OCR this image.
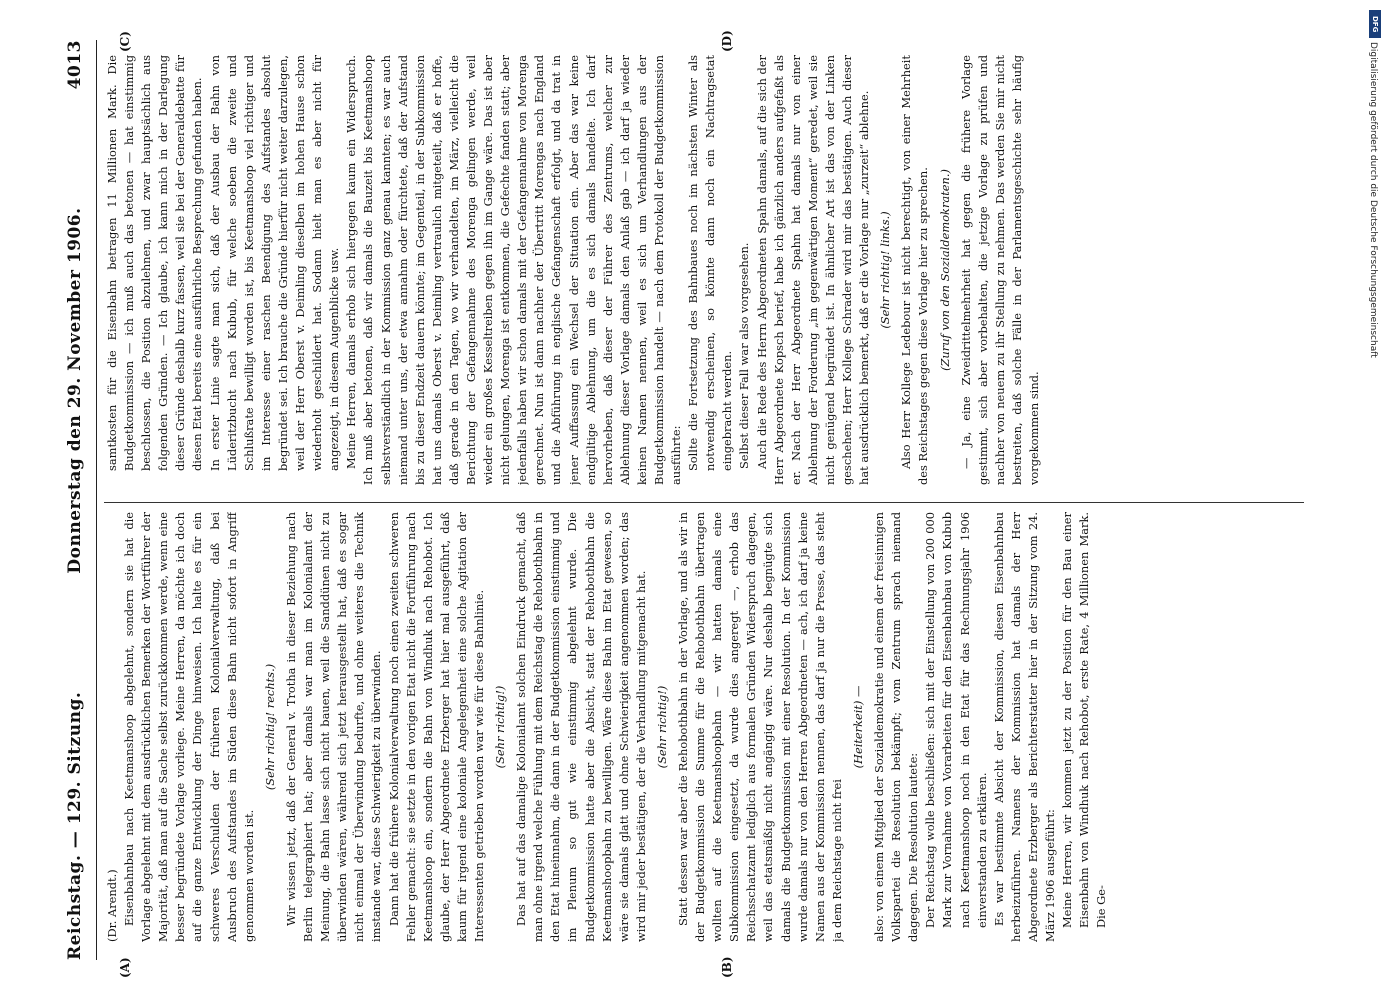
Reichstag. — 129. Sitzung.
Donnerstag den 29. November 1906.
4013

(Dr. Arendt.) Eisenbahnbau nach Keetmanshoop abgelehnt, sondern sie hat die Vorlage abgelehnt mit dem ausdrücklichen Bemerken der Wortführer der Majorität, daß man auf die Sache selbst zurückkommen werde, wenn eine besser begründete Vorlage vorliege. Meine Herren, da möchte ich doch auf die ganze Entwicklung der Dinge hinweisen. Ich halte es für ein schweres Verschulden der früheren Kolonialverwaltung, daß bei Ausbruch des Aufstandes im Süden diese Bahn nicht sofort in Angriff genommen worden ist.

(Sehr richtig! rechts.) Wir wissen jetzt, daß der General v. Trotha in dieser Beziehung nach Berlin telegraphiert hat; aber damals war man im Kolonialamt der Meinung, die Bahn lasse sich nicht bauen, weil die Sanddünen nicht zu überwinden wären, während sich jetzt herausgestellt hat, daß es sogar nicht einmal der Überwindung bedurfte, und ohne weiteres die Technik imstande war, diese Schwierigkeit zu überwinden. Dann hat die frühere Kolonialverwaltung noch einen zweiten schweren Fehler gemacht: sie setzte in den vorigen Etat nicht die Fortführung nach Keetmanshoop ein, sondern die Bahn von Windhuk nach Rehobot. Ich glaube, der Herr Abgeordnete Erzberger hat hier mal ausgeführt, daß kaum für irgend eine koloniale Angelegenheit eine solche Agitation der Interessenten getrieben worden war wie für diese Bahnlinie. (Sehr richtig!) Das hat auf das damalige Kolonialamt solchen Eindruck gemacht, daß man ohne irgend welche Fühlung mit dem Reichstag die Rehobothbahn in den Etat hineinnahm, die dann in der Budgetkommission einstimmig und im Plenum so gut wie einstimmig abgelehnt wurde. Die Budgetkommission hatte aber die Absicht, statt der Rehobothbahn die Keetmanshoopbahn zu bewilligen. Wäre diese Bahn im Etat gewesen, so wäre sie damals glatt und ohne Schwierigkeit angenommen worden; das wird mir jeder bestätigen, der die Verhandlung mitgemacht hat. (Sehr richtig!) Statt dessen war aber die Rehobothbahn in der Vorlage, und als wir in der Budgetkommission die Summe für die Rehobothbahn übertragen wollten auf die Keetmanshoopbahn — wir hatten damals eine Subkommission eingesetzt, da wurde dies angeregt —, erhob das Reichsschatzamt lediglich aus formalen Gründen Widerspruch dagegen, weil das etatsmäßig nicht angängig wäre. Nur deshalb begnügte sich damals die Budgetkommission mit einer Resolution. In der Kommission wurde damals nur von den Herren Abgeordneten — ach, ich darf ja keine Namen aus der Kommission nennen, das darf ja nur die Presse, das steht ja dem Reichstage nicht frei

(Heiterkeit) — also: von einem Mitglied der Sozialdemokratie und einem der freisinnigen Volkspartei die Resolution bekämpft; vom Zentrum sprach niemand dagegen. Die Resolution lautete: Der Reichstag wolle beschließen: sich mit der Einstellung von 200 000 Mark zur Vornahme von Vorarbeiten für den Eisenbahnbau von Kubub nach Keetmanshoop noch in den Etat für das Rechnungsjahr 1906 einverstanden zu erklären. Es war bestimmte Absicht der Kommission, diesen Eisenbahnbau herbeizuführen. Namens der Kommission hat damals der Herr Abgeordnete Erzberger als Berichterstatter hier in der Sitzung vom 24. März 1906 ausgeführt: Meine Herren, wir kommen jetzt zu der Position für den Bau einer Eisenbahn von Windhuk nach Rehobot, erste Rate, 4 Millionen Mark. Die Ge-

samtkosten für die Eisenbahn betragen 11 Millionen Mark. Die Budgetkommission — ich muß auch das betonen — hat einstimmig beschlossen, die Position abzulehnen, und zwar hauptsächlich aus folgenden Gründen. — Ich glaube, ich kann mich in der Darlegung dieser Gründe deshalb kurz fassen, weil sie bei der Generaldebatte für diesen Etat bereits eine ausführliche Besprechung gefunden haben. In erster Linie sagte man sich, daß der Ausbau der Bahn von Lüderitzbucht nach Kubub, für welche soeben die zweite und Schlußrate bewilligt worden ist, bis Keetmanshoop viel richtiger und im Interesse einer raschen Beendigung des Aufstandes absolut begründet sei. Ich brauche die Gründe hierfür nicht weiter darzulegen, weil der Herr Oberst v. Deimling dieselben im hohen Hause schon wiederholt geschildert hat. Sodann hielt man es aber nicht für angezeigt, in diesem Augenblicke usw. Meine Herren, damals erhob sich hiergegen kaum ein Widerspruch. Ich muß aber betonen, daß wir damals die Bauzeit bis Keetmanshoop selbstverständlich in der Kommission ganz genau kannten; es war auch niemand unter uns, der etwa annahm oder fürchtete, daß der Aufstand bis zu dieser Endzeit dauern könnte; im Gegenteil, in der Subkommission hat uns damals Oberst v. Deimling vertraulich mitgeteilt, daß er hoffe, daß gerade in den Tagen, wo wir verhandelten, im März, vielleicht die Berichtung der Gefangennahme des Morenga gelingen werde, weil wieder ein großes Kesseltreiben gegen ihn im Gange wäre. Das ist aber nicht gelungen, Morenga ist entkommen, die Gefechte fanden statt; aber jedenfalls haben wir schon damals mit der Gefangennahme von Morenga gerechnet. Nun ist dann nachher der Übertritt Morengas nach England und die Abführung in englische Gefangenschaft erfolgt, und da trat in jener Auffassung ein Wechsel der Situation ein. Aber das war keine endgültige Ablehnung, um die es sich damals handelte. Ich darf hervorheben, daß dieser der Führer des Zentrums, welcher zur Ablehnung dieser Vorlage damals den Anlaß gab — ich darf ja wieder keinen Namen nennen, weil es sich um Verhandlungen aus der Budgetkommission handelt — nach dem Protokoll der Budgetkommission ausführte: Sollte die Fortsetzung des Bahnbaues noch im nächsten Winter als notwendig erscheinen, so könnte dann noch ein Nachtragsetat eingebracht werden. Selbst dieser Fall war also vorgesehen. Auch die Rede des Herrn Abgeordneten Spahn damals, auf die sich der Herr Abgeordnete Kopsch berief, habe ich gänzlich anders aufgefaßt als er. Nach der Herr Abgeordnete Spahn hat damals nur von einer Ablehnung der Forderung „im gegenwärtigen Moment“ geredet, weil sie nicht genügend begründet ist. In ähnlicher Art ist das von der Linken geschehen; Herr Kollege Schrader wird mir das bestätigen. Auch dieser hat ausdrücklich bemerkt, daß er die Vorlage nur „zurzeit“ ablehne. (Sehr richtig! links.) Also Herr Kollege Ledebour ist nicht berechtigt, von einer Mehrheit des Reichstages gegen diese Vorlage hier zu sprechen. (Zuruf von den Sozialdemokraten.) — Ja, eine Zweidrittelmehrheit hat gegen die frühere Vorlage gestimmt, sich aber vorbehalten, die jetzige Vorlage zu prüfen und nachher von neuem zu ihr Stellung zu nehmen. Das werden Sie mir nicht bestreiten, daß solche Fälle in der Parlamentsgeschichte sehr häufig vorgekommen sind.

(A)	(B)
(C)	(D)
DFG
Digitalisierung gefördert durch die Deutsche Forschungsgemeinschaft
